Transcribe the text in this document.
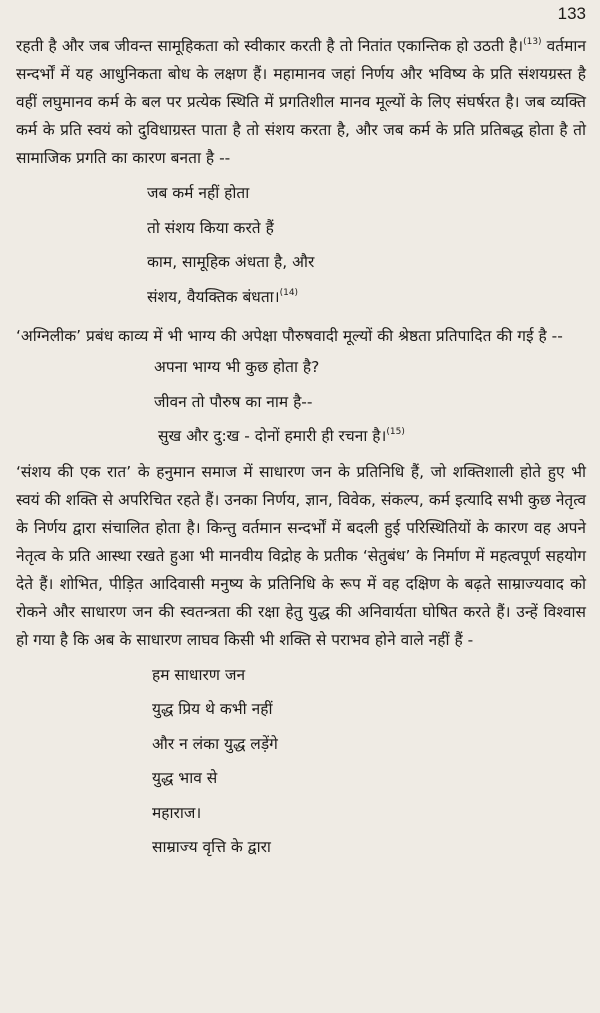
133

रहती है और जब जीवन्त सामूहिकता को स्वीकार करती है तो नितांत एकान्तिक हो उठती है।$^{(13)}$ वर्तमान सन्दर्भों में यह आधुनिकता बोध के लक्षण हैं। महामानव जहां निर्णय और भविष्य के प्रति संशयग्रस्त है वहीं लघुमानव कर्म के बल पर प्रत्येक स्थिति में प्रगतिशील मानव मूल्यों के लिए संघर्षरत है। जब व्यक्ति कर्म के प्रति स्वयं को दुविधाग्रस्त पाता है तो संशय करता है, और जब कर्म के प्रति प्रतिबद्ध होता है तो सामाजिक प्रगति का कारण बनता है --

जब कर्म नहीं होता
तो संशय किया करते हैं
काम, सामूहिक अंधता है, और
संशय, वैयक्तिक बंधता।$^{(14)}$

‘अग्निलीक’ प्रबंध काव्य में भी भाग्य की अपेक्षा पौरुषवादी मूल्यों की श्रेष्ठता प्रतिपादित की गई है --

अपना भाग्य भी कुछ होता है?
जीवन तो पौरुष का नाम है--
सुख और दु:ख - दोनों हमारी ही रचना है।$^{(15)}$

‘संशय की एक रात’ के हनुमान समाज में साधारण जन के प्रतिनिधि हैं, जो शक्तिशाली होते हुए भी स्वयं की शक्ति से अपरिचित रहते हैं। उनका निर्णय, ज्ञान, विवेक, संकल्प, कर्म इत्यादि सभी कुछ नेतृत्व के निर्णय द्वारा संचालित होता है। किन्तु वर्तमान सन्दर्भों में बदली हुई परिस्थितियों के कारण वह अपने नेतृत्व के प्रति आस्था रखते हुआ भी मानवीय विद्रोह के प्रतीक ‘सेतुबंध’ के निर्माण में महत्वपूर्ण सहयोग देते हैं। शोभित, पीड़ित आदिवासी मनुष्य के प्रतिनिधि के रूप में वह दक्षिण के बढ़ते साम्राज्यवाद को रोकने और साधारण जन की स्वतन्त्रता की रक्षा हेतु युद्ध की अनिवार्यता घोषित करते हैं। उन्हें विश्वास हो गया है कि अब के साधारण लाघव किसी भी शक्ति से पराभव होने वाले नहीं हैं -

हम साधारण जन
युद्ध प्रिय थे कभी नहीं
और न लंका युद्ध लड़ेंगे
युद्ध भाव से
महाराज।
साम्राज्य वृत्ति के द्वारा
